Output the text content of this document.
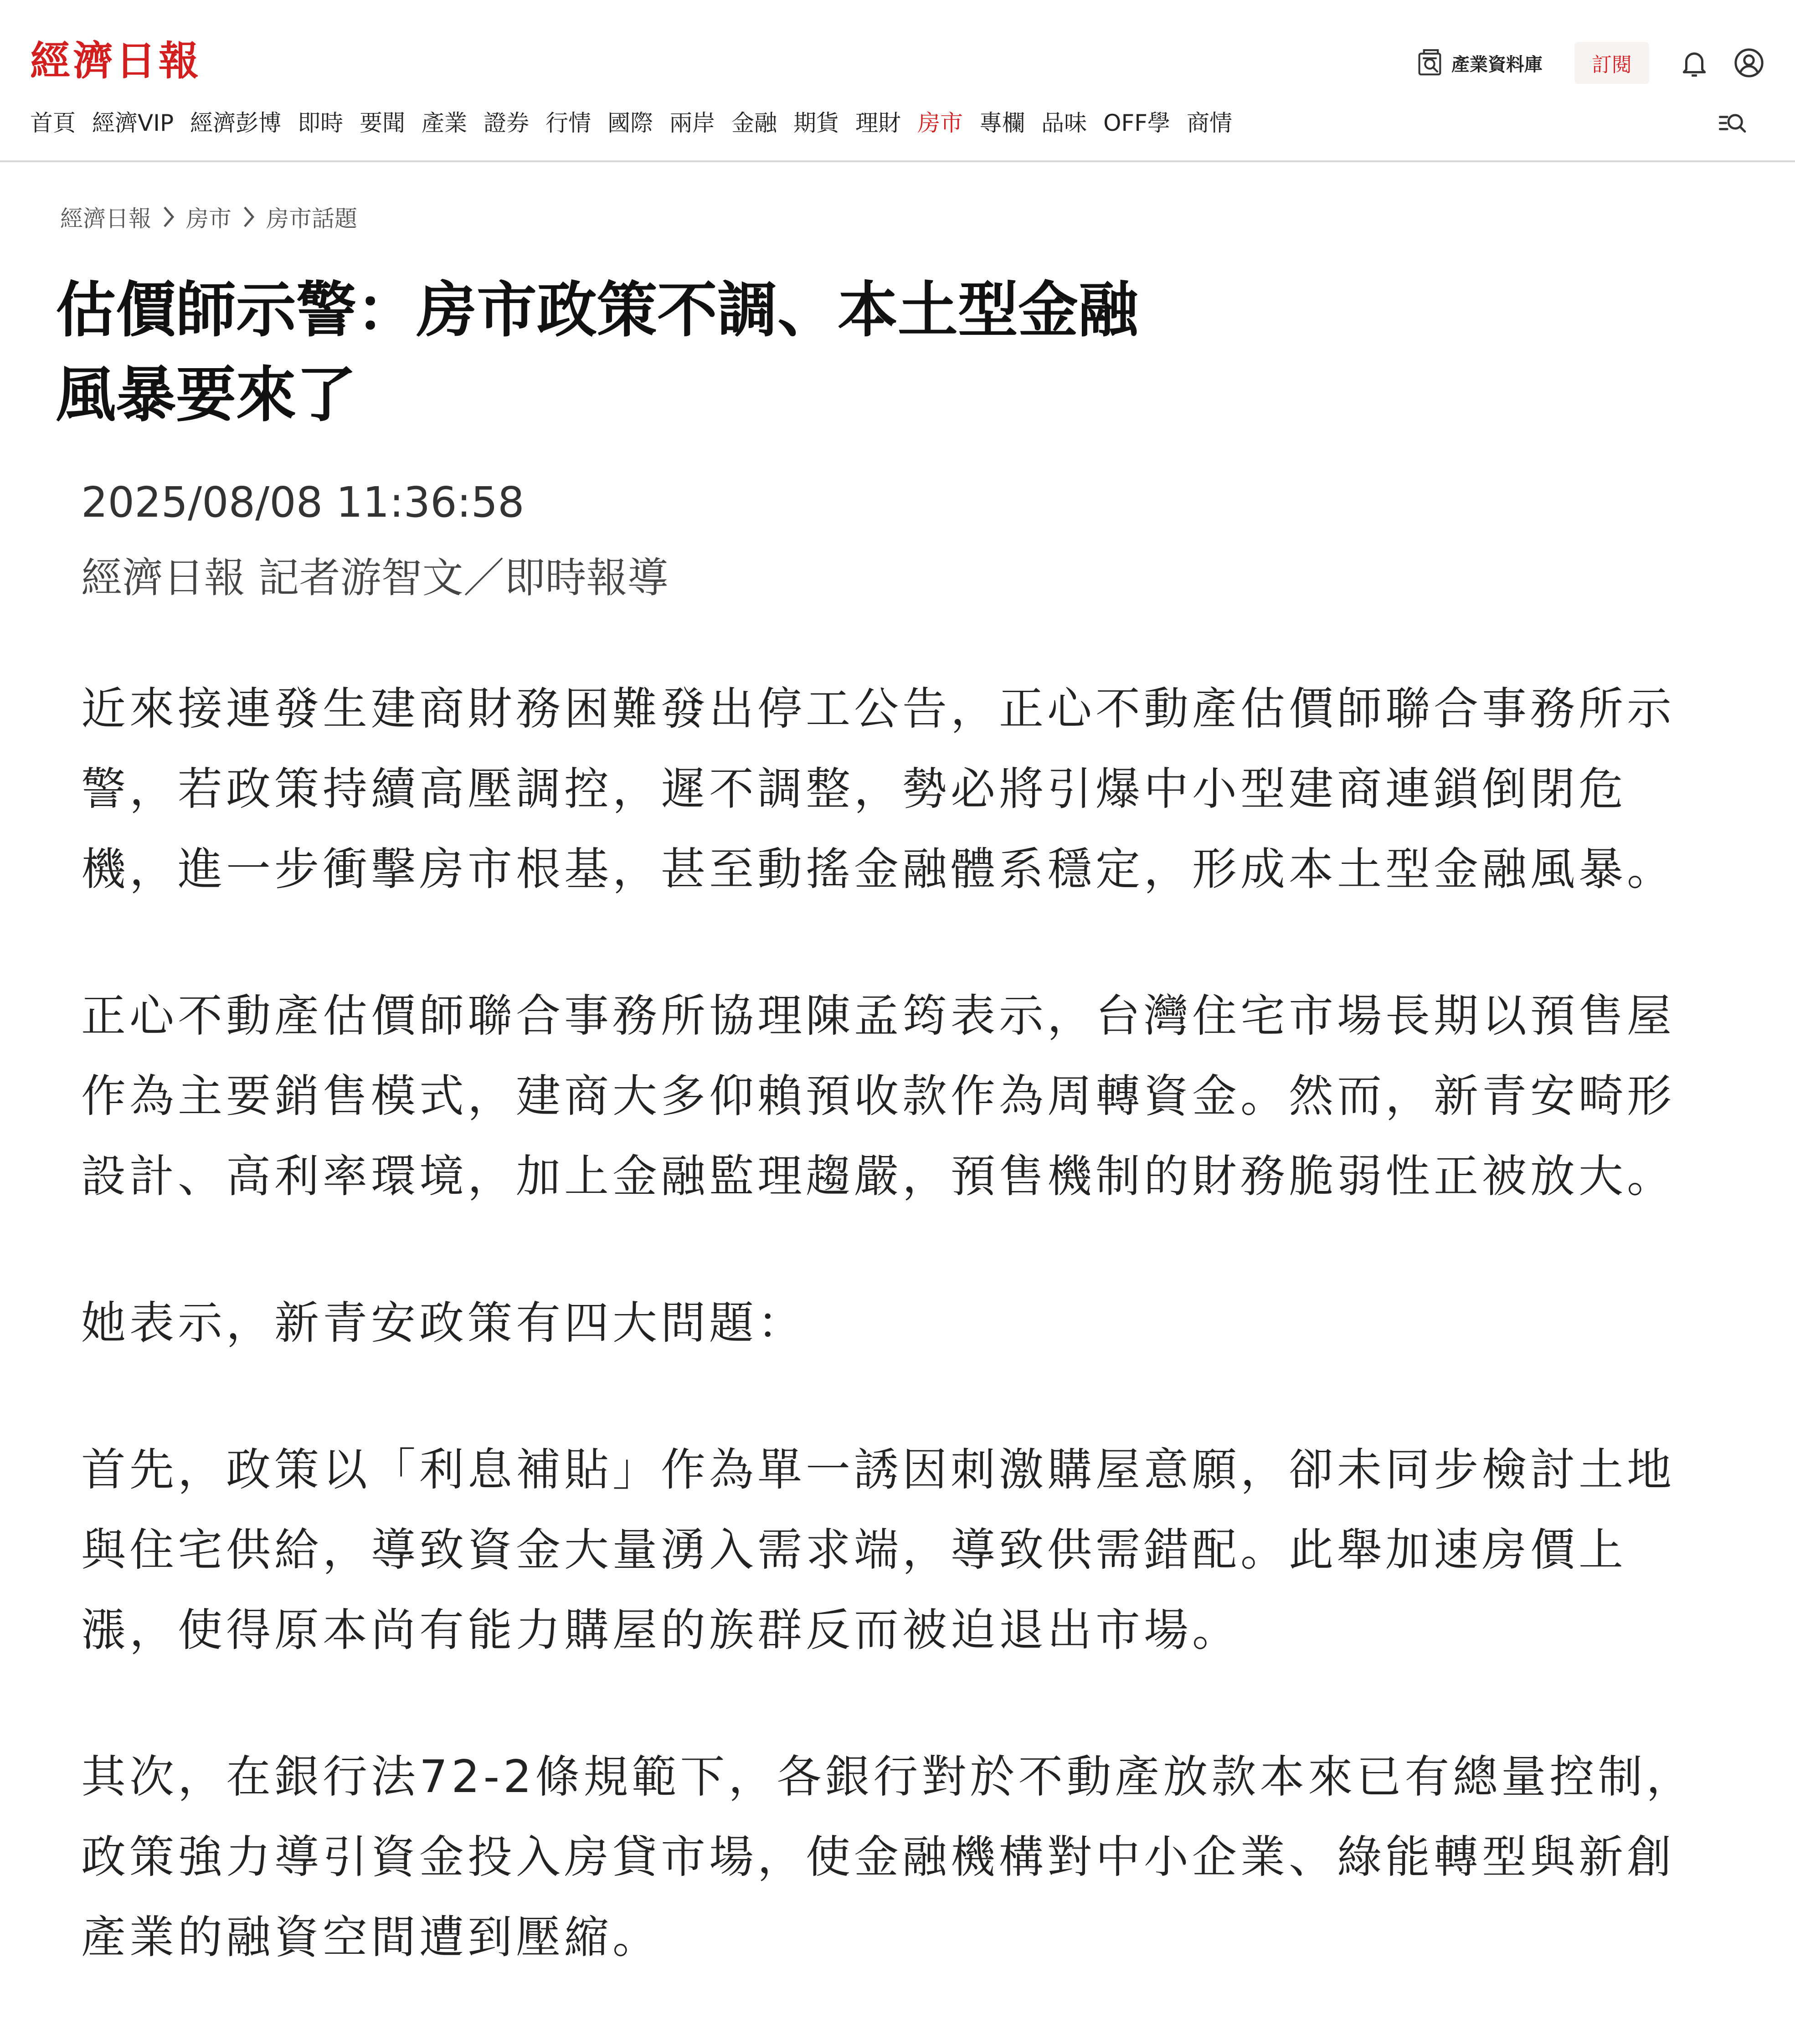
經濟日報	產業資料庫	訂閱
首頁 經濟VIP 經濟彭博 即時 要聞 產業 證券 行情 國際 兩岸 金融 期貨 理財 房市 專欄 品味 OFF學 商情
經濟日報 房市 房市話題
估價師示警：房市政策不調、本土型金融
風暴要來了
2025/08/08 11:36:58
經濟日報 記者游智文／即時報導

近來接連發生建商財務困難發出停工公告，正心不動產估價師聯合事務所示
警，若政策持續高壓調控，遲不調整，勢必將引爆中小型建商連鎖倒閉危
機，進一步衝擊房市根基，甚至動搖金融體系穩定，形成本土型金融風暴。

正心不動產估價師聯合事務所協理陳孟筠表示，台灣住宅市場長期以預售屋
作為主要銷售模式，建商大多仰賴預收款作為周轉資金。然而，新青安畸形
設計、高利率環境，加上金融監理趨嚴，預售機制的財務脆弱性正被放大。

她表示，新青安政策有四大問題：

首先，政策以「利息補貼」作為單一誘因刺激購屋意願，卻未同步檢討土地
與住宅供給，導致資金大量湧入需求端，導致供需錯配。此舉加速房價上
漲，使得原本尚有能力購屋的族群反而被迫退出市場。

其次，在銀行法72-2條規範下，各銀行對於不動產放款本來已有總量控制，
政策強力導引資金投入房貸市場，使金融機構對中小企業、綠能轉型與新創
產業的融資空間遭到壓縮。
